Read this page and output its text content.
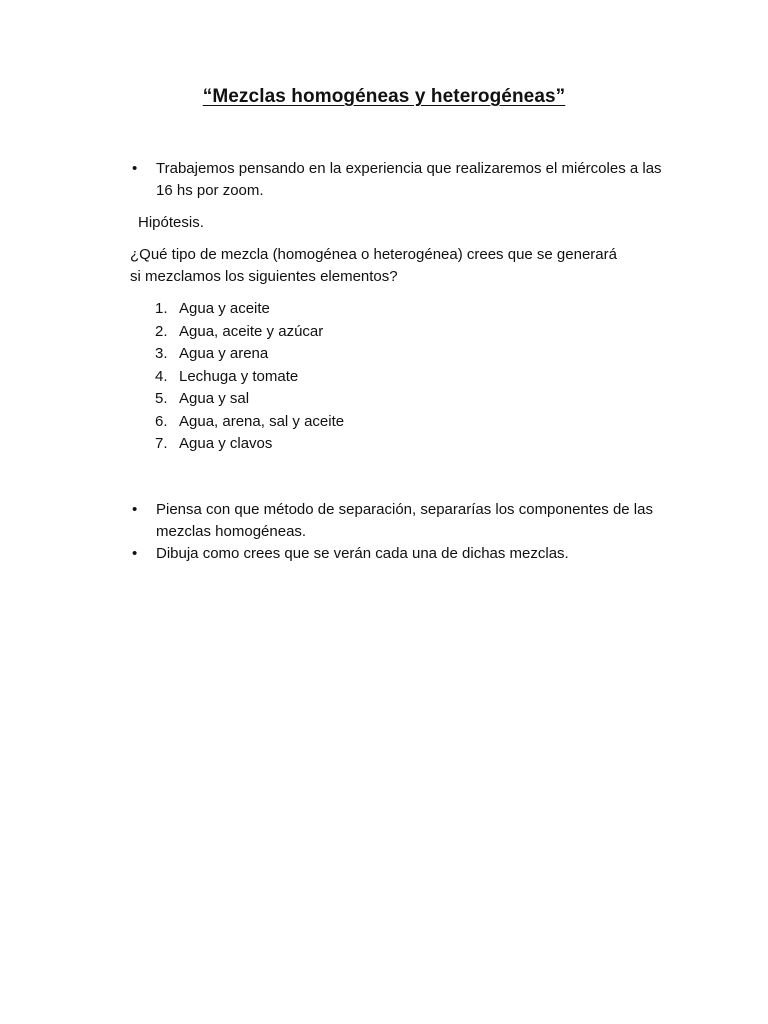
“Mezclas homogéneas y heterogéneas”
• Trabajemos pensando en la experiencia que realizaremos el miércoles a las 16 hs por zoom.
Hipótesis.
¿Qué tipo de mezcla (homogénea o heterogénea) crees que se generará si mezclamos los siguientes elementos?
1. Agua y aceite
2. Agua, aceite y azúcar
3. Agua y arena
4. Lechuga y tomate
5. Agua y sal
6. Agua, arena, sal y aceite
7. Agua y clavos
• Piensa con que método de separación, separarías los componentes de las mezclas homogéneas.
• Dibuja como crees que se verán cada una de dichas mezclas.
